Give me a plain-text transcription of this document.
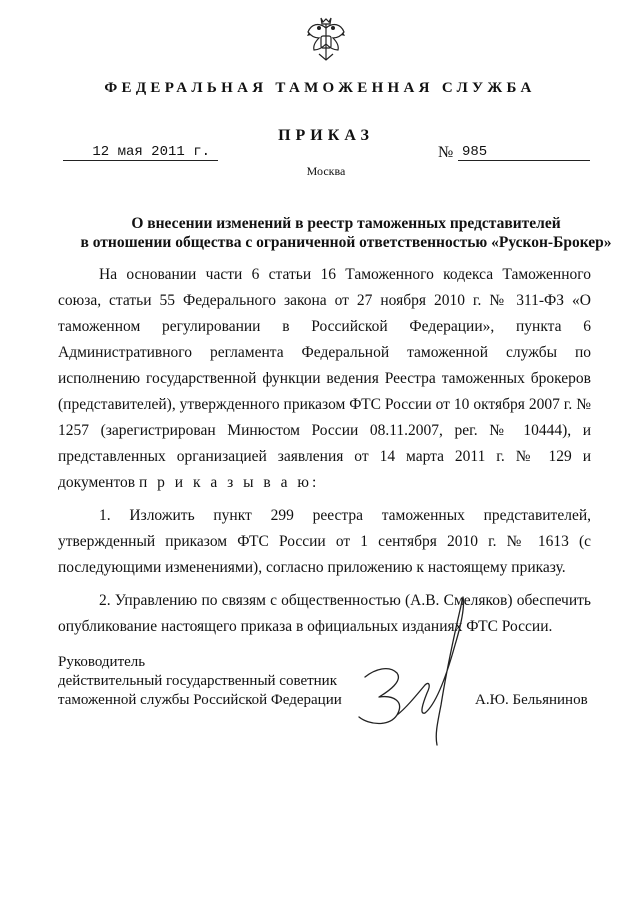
ФЕДЕРАЛЬНАЯ ТАМОЖЕННАЯ СЛУЖБА
ПРИКАЗ
12 мая 2011 г.	№ 985
Москва
О внесении изменений в реестр таможенных представителей
в отношении общества с ограниченной ответственностью «Рускон-Брокер»

На основании части 6 статьи 16 Таможенного кодекса Таможенного союза, статьи 55 Федерального закона от 27 ноября 2010 г. № 311-ФЗ «О таможенном регулировании в Российской Федерации», пункта 6 Административного регламента Федеральной таможенной службы по исполнению государственной функции ведения Реестра таможенных брокеров (представителей), утвержденного приказом ФТС России от 10 октября 2007 г. № 1257 (зарегистрирован Минюстом России 08.11.2007, рег. № 10444), и представленных организацией заявления от 14 марта 2011 г. № 129 и документов п р и к а з ы в а ю:

1. Изложить пункт 299 реестра таможенных представителей, утвержденный приказом ФТС России от 1 сентября 2010 г. № 1613 (с последующими изменениями), согласно приложению к настоящему приказу.

2. Управлению по связям с общественностью (А.В. Смеляков) обеспечить опубликование настоящего приказа в официальных изданиях ФТС России.

Руководитель
действительный государственный советник
таможенной службы Российской Федерации	А.Ю. Бельянинов
